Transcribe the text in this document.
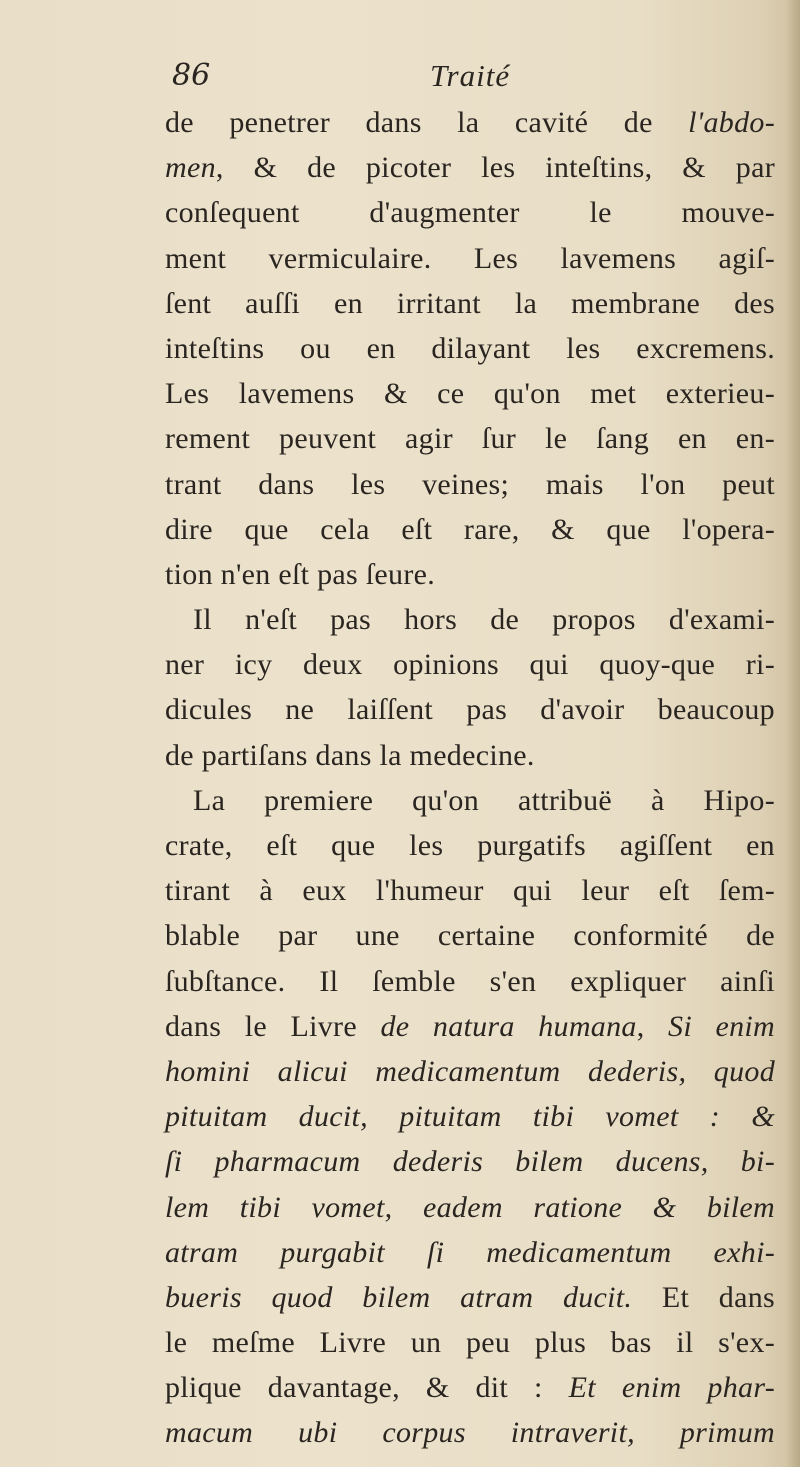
86	Traité
de penetrer dans la cavité de l'abdo-
men, & de picoter les inteſtins, & par
conſequent d'augmenter le mouve-
ment vermiculaire. Les lavemens agiſ-
ſent auſſi en irritant la membrane des
inteſtins ou en dilayant les excremens.
Les lavemens & ce qu'on met exterieu-
rement peuvent agir ſur le ſang en en-
trant dans les veines; mais l'on peut
dire que cela eſt rare, & que l'opera-
tion n'en eſt pas ſeure.
Il n'eſt pas hors de propos d'exami-
ner icy deux opinions qui quoy-que ri-
dicules ne laiſſent pas d'avoir beaucoup
de partiſans dans la medecine.
La premiere qu'on attribuë à Hipo-
crate, eſt que les purgatifs agiſſent en
tirant à eux l'humeur qui leur eſt ſem-
blable par une certaine conformité de
ſubſtance. Il ſemble s'en expliquer ainſi
dans le Livre de natura humana, Si enim
homini alicui medicamentum dederis, quod
pituitam ducit, pituitam tibi vomet : &
ſi pharmacum dederis bilem ducens, bi-
lem tibi vomet, eadem ratione & bilem
atram purgabit ſi medicamentum exhi-
bueris quod bilem atram ducit. Et dans
le meſme Livre un peu plus bas il s'ex-
plique davantage, & dit : Et enim phar-
macum ubi corpus intraverit, primum
